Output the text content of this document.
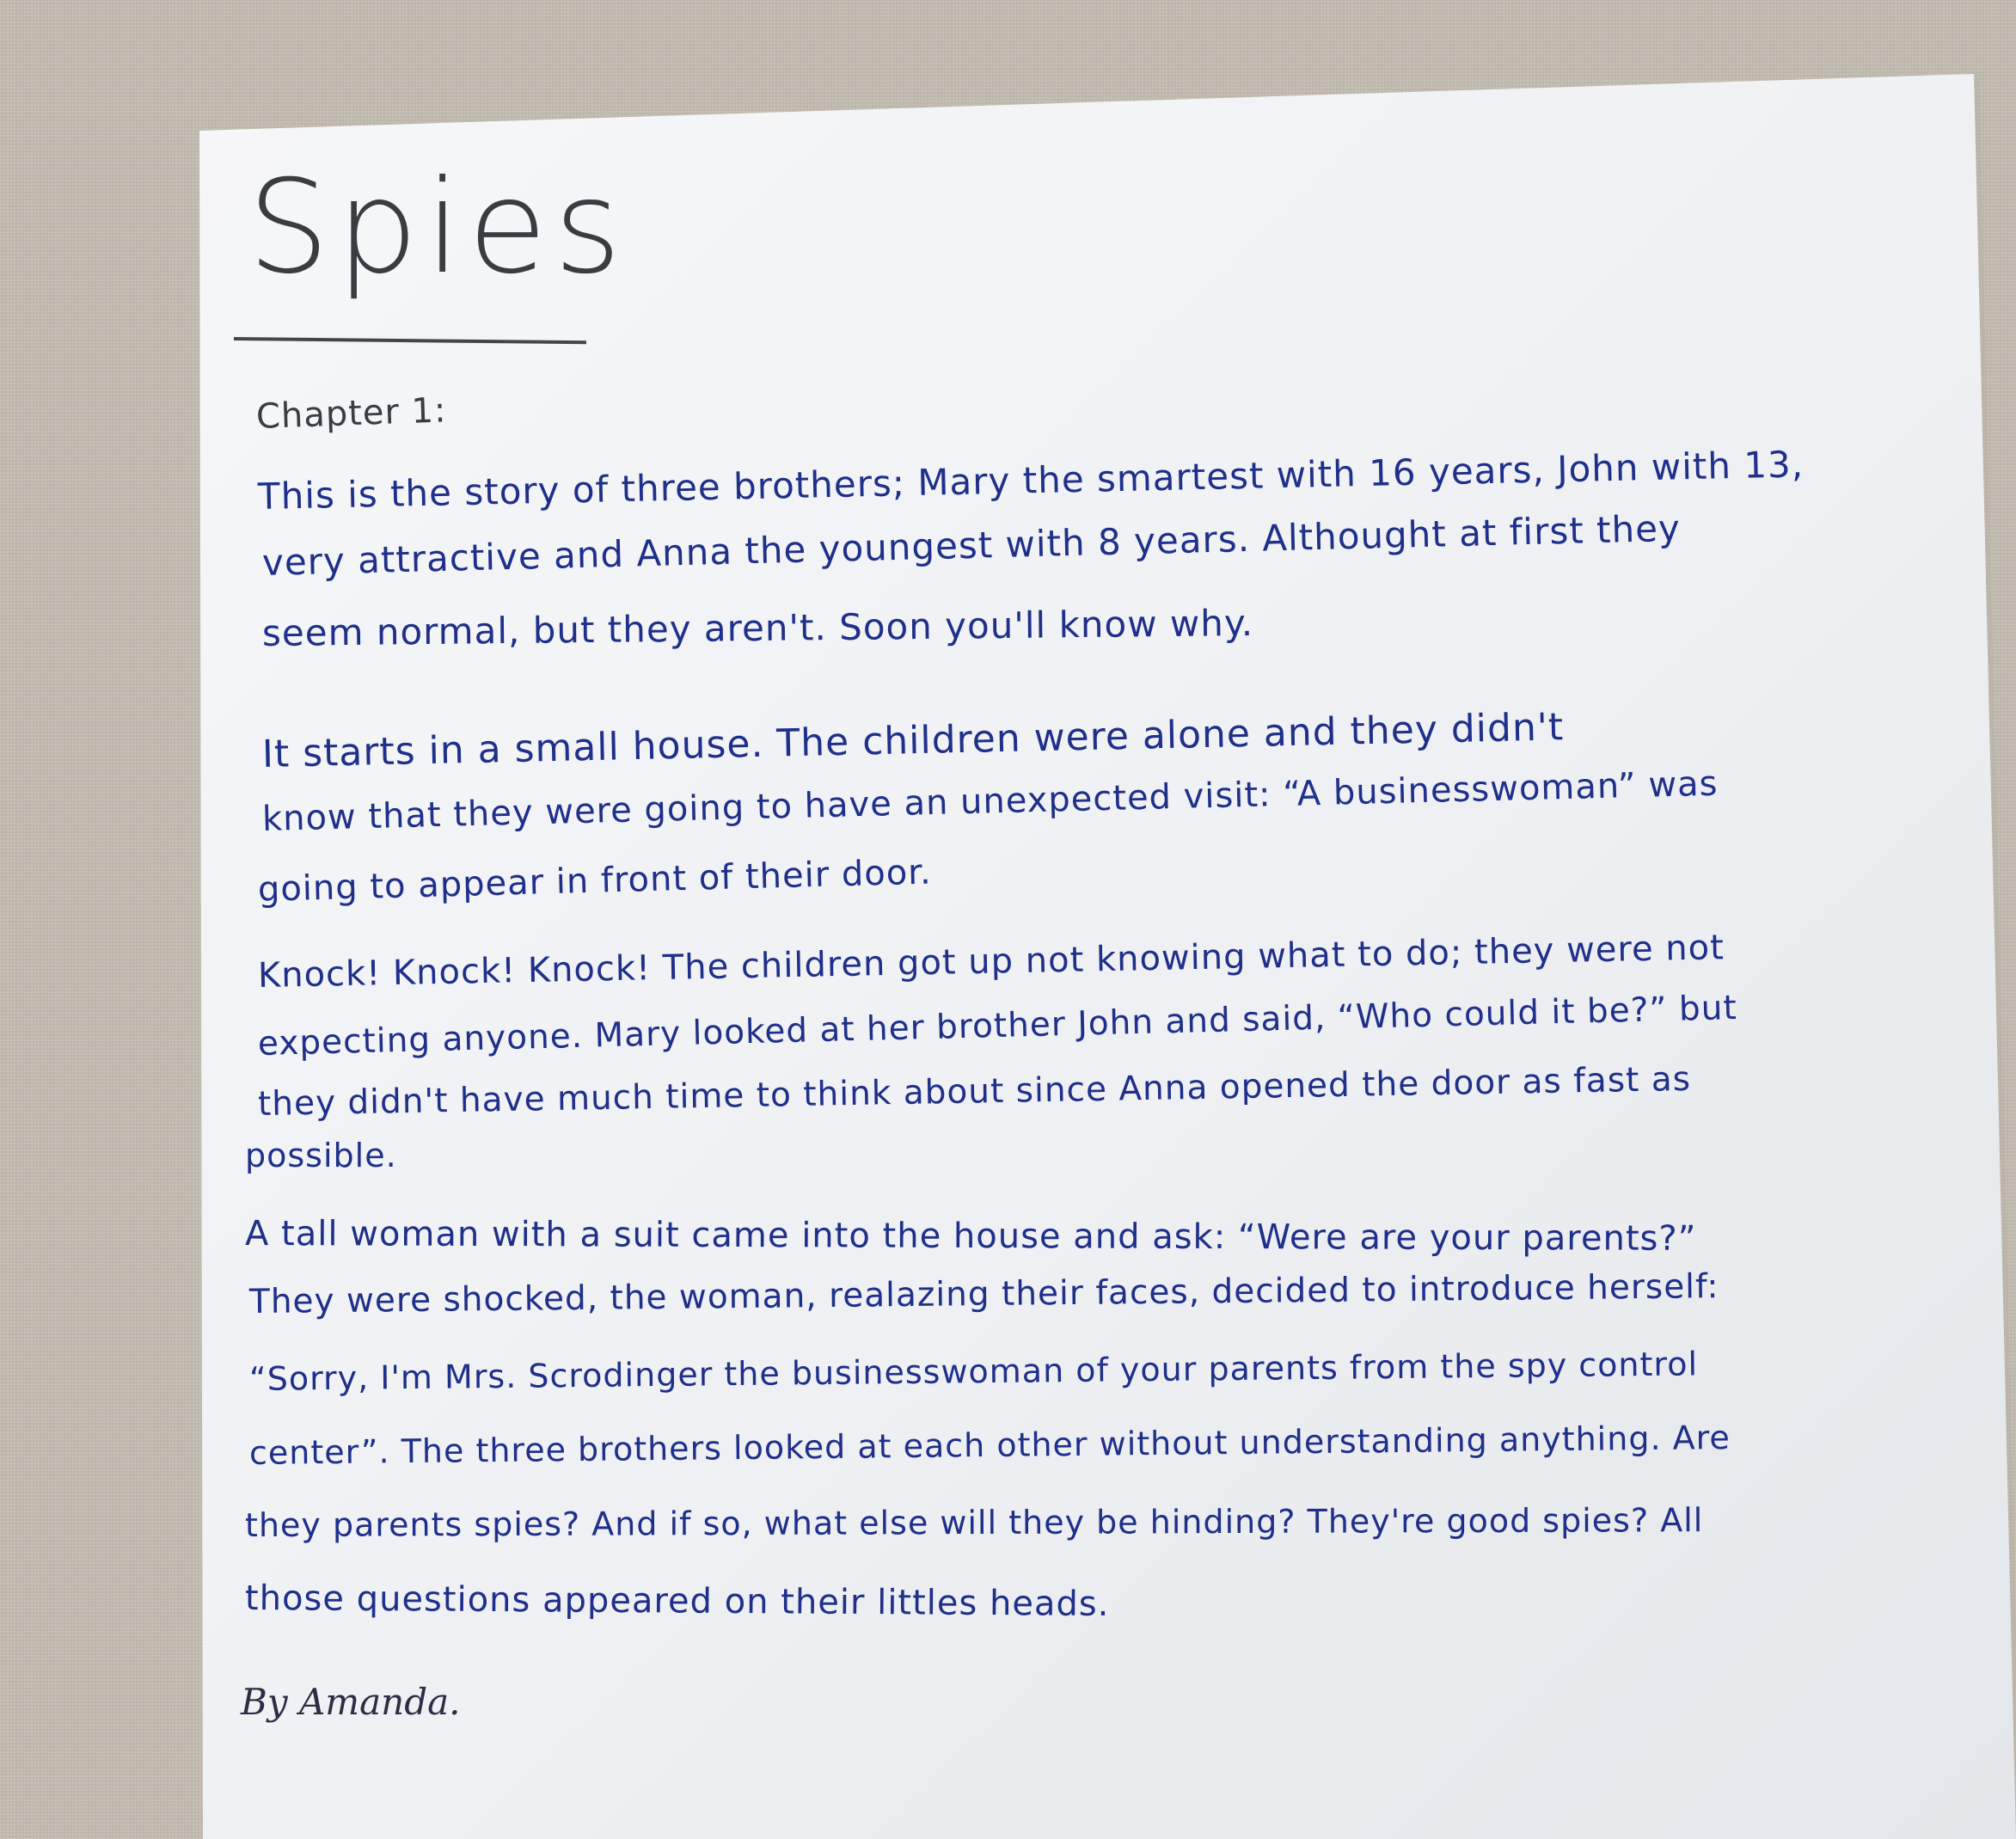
Spies
Chapter 1:
This is the story of three brothers; Mary the smartest with 16 years, John with 13,
very attractive and Anna the youngest with 8 years. Althought at first they
seem normal, but they aren't. Soon you'll know why.
It starts in a small house. The children were alone and they didn't
know that they were going to have an unexpected visit: “A businesswoman” was
going to appear in front of their door.
Knock! Knock! Knock! The children got up not knowing what to do; they were not
expecting anyone. Mary looked at her brother John and said, “Who could it be?” but
they didn't have much time to think about since Anna opened the door as fast as
possible.
A tall woman with a suit came into the house and ask: “Were are your parents?”
They were shocked, the woman, realazing their faces, decided to introduce herself:
“Sorry, I'm Mrs. Scrodinger the businesswoman of your parents from the spy control
center”. The three brothers looked at each other without understanding anything. Are
they parents spies? And if so, what else will they be hinding? They're good spies? All
those questions appeared on their littles heads.
By Amanda.
